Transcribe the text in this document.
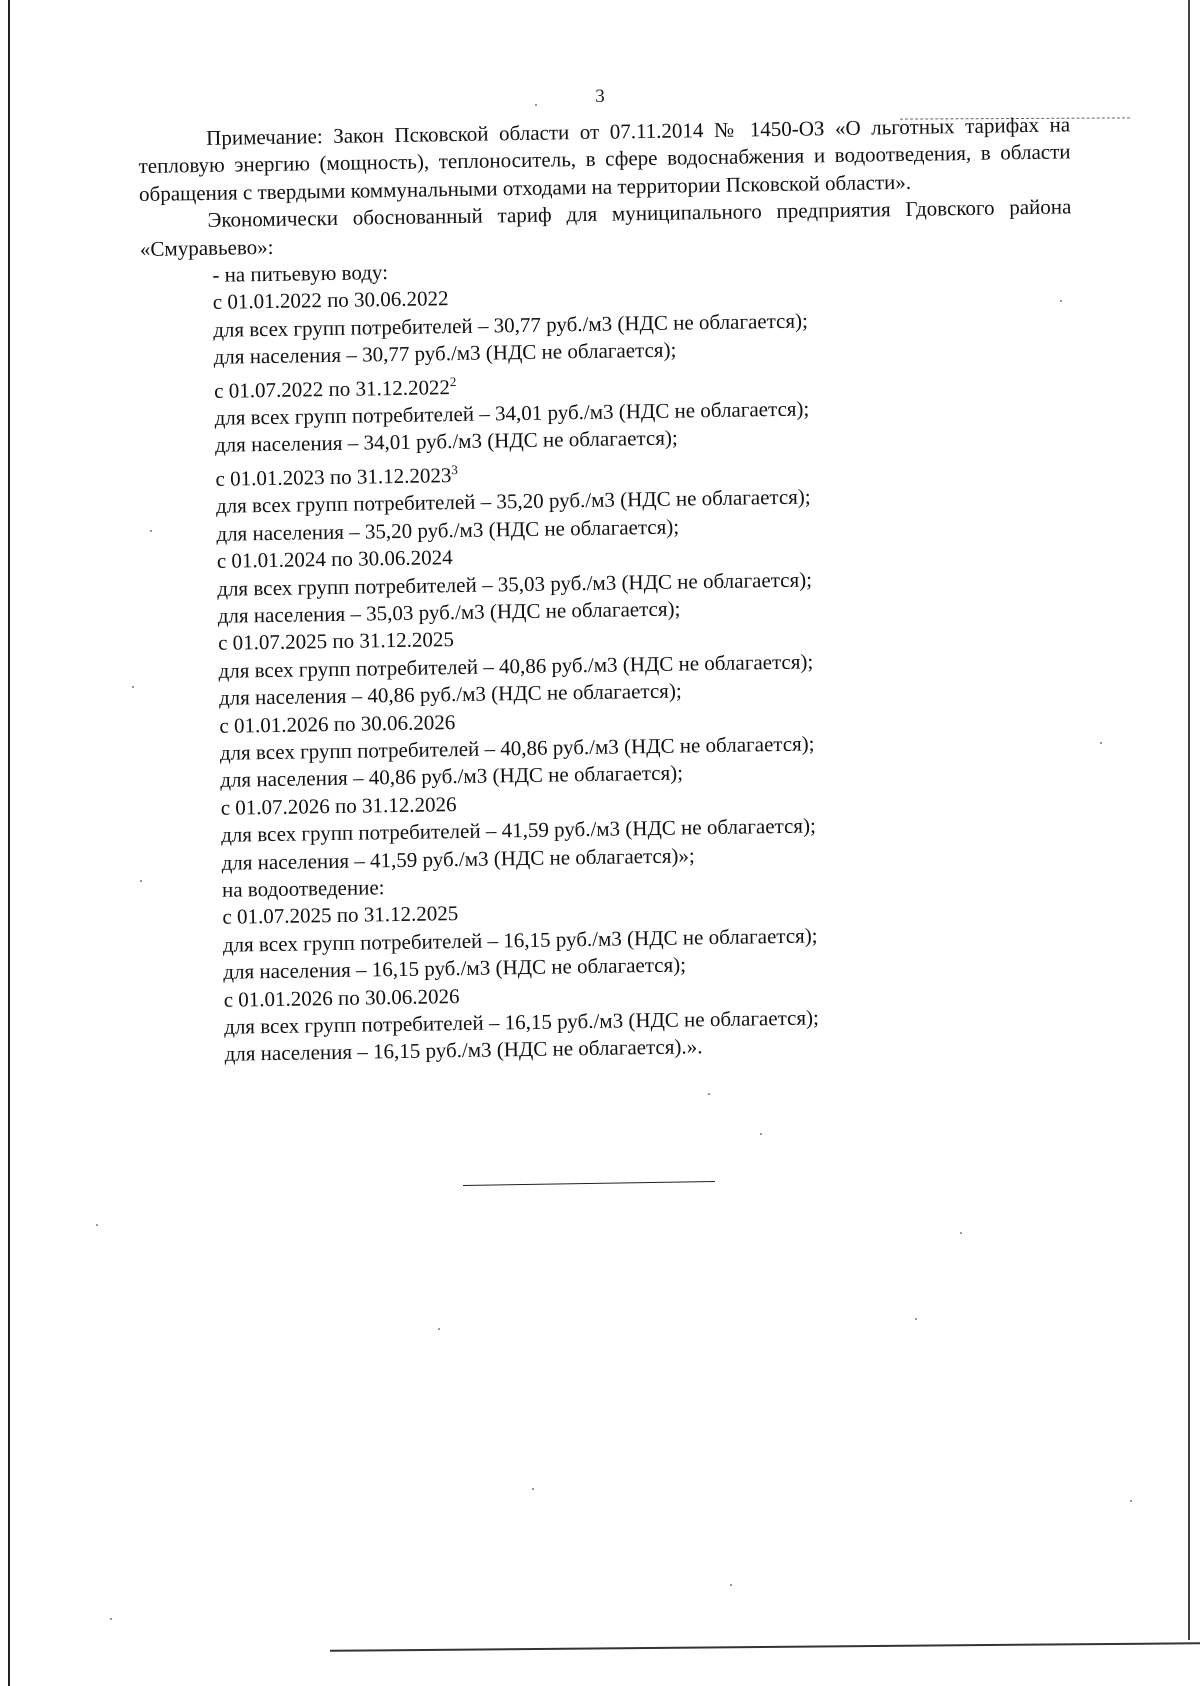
3

Примечание: Закон Псковской области от 07.11.2014 № 1450-ОЗ «О льготных тарифах на тепловую энергию (мощность), теплоноситель, в сфере водоснабжения и водоотведения, в области обращения с твердыми коммунальными отходами на территории Псковской области».

Экономически обоснованный тариф для муниципального предприятия Гдовского района «Смуравьево»:

- на питьевую воду:
с 01.01.2022 по 30.06.2022
для всех групп потребителей – 30,77 руб./м3 (НДС не облагается);
для населения – 30,77 руб./м3 (НДС не облагается);
с 01.07.2022 по 31.12.2022$^2$
для всех групп потребителей – 34,01 руб./м3 (НДС не облагается);
для населения – 34,01 руб./м3 (НДС не облагается);
с 01.01.2023 по 31.12.2023$^3$
для всех групп потребителей – 35,20 руб./м3 (НДС не облагается);
для населения – 35,20 руб./м3 (НДС не облагается);
с 01.01.2024 по 30.06.2024
для всех групп потребителей – 35,03 руб./м3 (НДС не облагается);
для населения – 35,03 руб./м3 (НДС не облагается);
с 01.07.2025 по 31.12.2025
для всех групп потребителей – 40,86 руб./м3 (НДС не облагается);
для населения – 40,86 руб./м3 (НДС не облагается);
с 01.01.2026 по 30.06.2026
для всех групп потребителей – 40,86 руб./м3 (НДС не облагается);
для населения – 40,86 руб./м3 (НДС не облагается);
с 01.07.2026 по 31.12.2026
для всех групп потребителей – 41,59 руб./м3 (НДС не облагается);
для населения – 41,59 руб./м3 (НДС не облагается)»;
на водоотведение:
с 01.07.2025 по 31.12.2025
для всех групп потребителей – 16,15 руб./м3 (НДС не облагается);
для населения – 16,15 руб./м3 (НДС не облагается);
с 01.01.2026 по 30.06.2026
для всех групп потребителей – 16,15 руб./м3 (НДС не облагается);
для населения – 16,15 руб./м3 (НДС не облагается).».
